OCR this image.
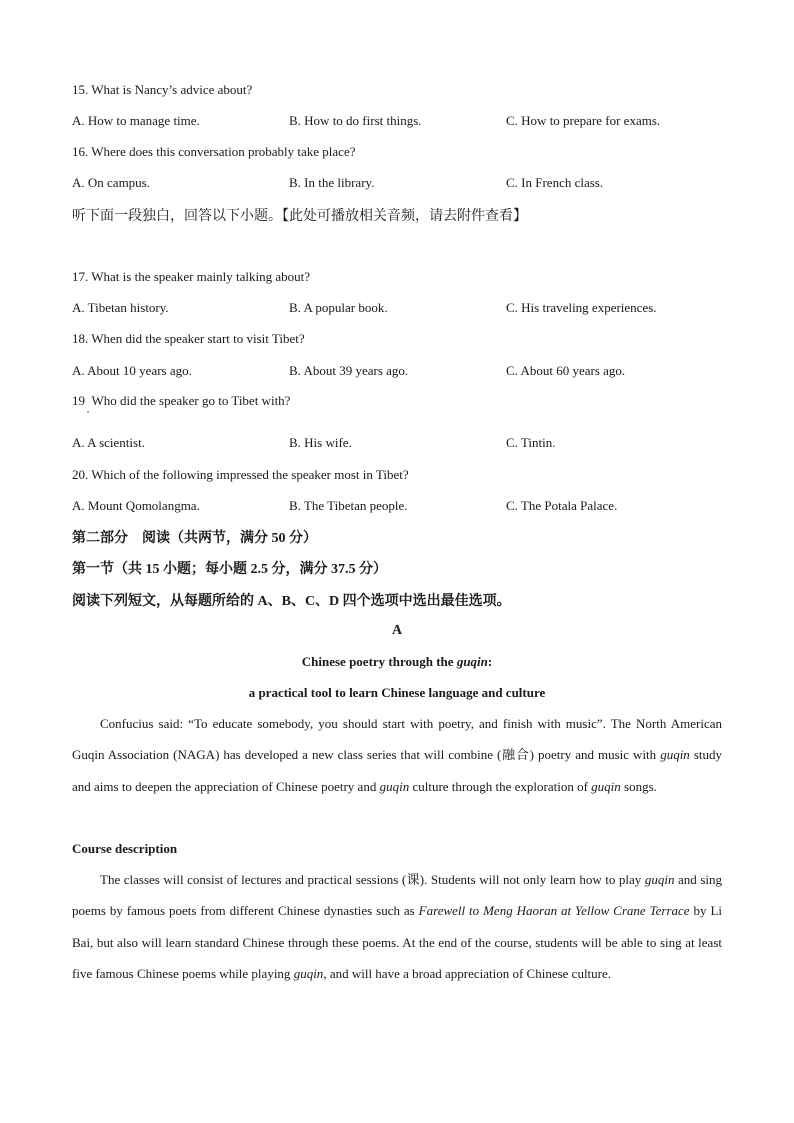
15. What is Nancy’s advice about?
A. How to manage time.	B. How to do first things.	C. How to prepare for exams.
16. Where does this conversation probably take place?
A. On campus.	B. In the library.	C. In French class.
听下面一段独白，回答以下小题。【此处可播放相关音频，请去附件查看】
17. What is the speaker mainly talking about?
A. Tibetan history.	B. A popular book.	C. His traveling experiences.
18. When did the speaker start to visit Tibet?
A. About 10 years ago.	B. About 39 years ago.	C. About 60 years ago.
19 Who did the speaker go to Tibet with?
•
A. A scientist.	B. His wife.	C. Tintin.
20. Which of the following impressed the speaker most in Tibet?
A. Mount Qomolangma.	B. The Tibetan people.	C. The Potala Palace.
第二部分　阅读（共两节，满分 50 分）
第一节（共 15 小题；每小题 2.5 分，满分 37.5 分）
阅读下列短文，从每题所给的 A、B、C、D 四个选项中选出最佳选项。
A
Chinese poetry through the guqin:
a practical tool to learn Chinese language and culture

Confucius said: “To educate somebody, you should start with poetry, and finish with music”. The North American Guqin Association (NAGA) has developed a new class series that will combine (融合) poetry and music with guqin study and aims to deepen the appreciation of Chinese poetry and guqin culture through the exploration of guqin songs.

Course description

The classes will consist of lectures and practical sessions (课). Students will not only learn how to play guqin and sing poems by famous poets from different Chinese dynasties such as Farewell to Meng Haoran at Yellow Crane Terrace by Li Bai, but also will learn standard Chinese through these poems. At the end of the course, students will be able to sing at least five famous Chinese poems while playing guqin, and will have a broad appreciation of Chinese culture.
